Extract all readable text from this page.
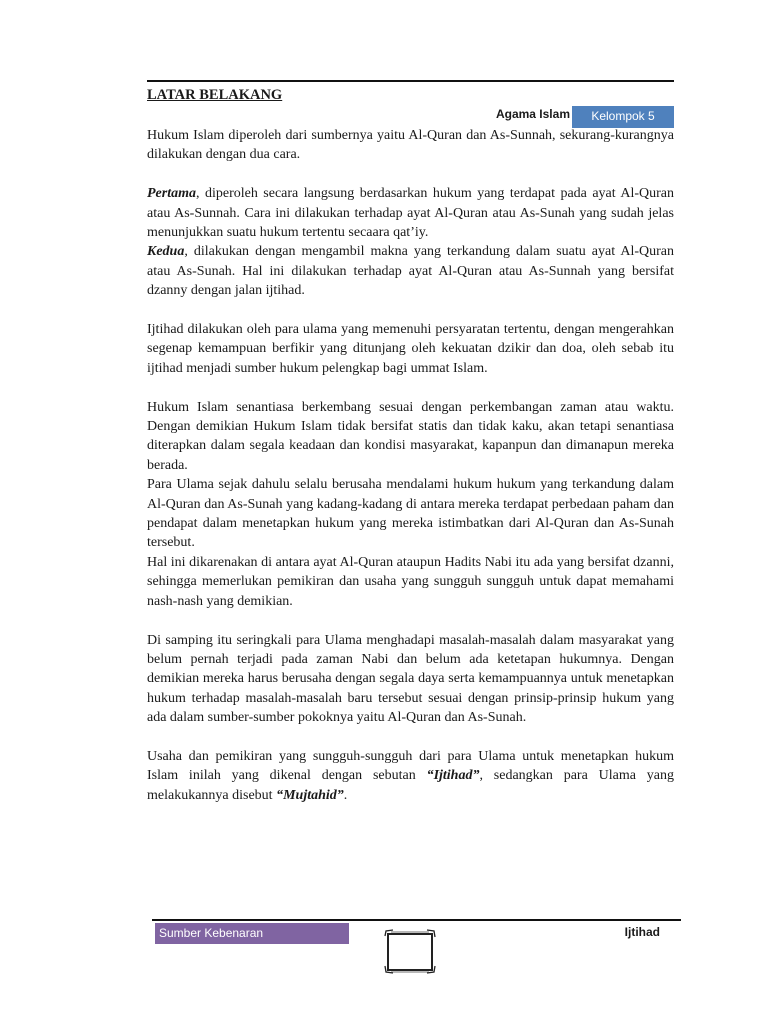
LATAR BELAKANG
Agama Islam	Kelompok 5

Hukum Islam diperoleh dari sumbernya yaitu Al-Quran dan As-Sunnah, sekurang-kurangnya dilakukan dengan dua cara.

Pertama, diperoleh secara langsung berdasarkan hukum yang terdapat pada ayat Al-Quran atau As-Sunnah. Cara ini dilakukan terhadap ayat Al-Quran atau As-Sunah yang sudah jelas menunjukkan suatu hukum tertentu secaara qat’iy.

Kedua, dilakukan dengan mengambil makna yang terkandung dalam suatu ayat Al-Quran atau As-Sunah. Hal ini dilakukan terhadap ayat Al-Quran atau As-Sunnah yang bersifat dzanny dengan jalan ijtihad.

Ijtihad dilakukan oleh para ulama yang memenuhi persyaratan tertentu, dengan mengerahkan segenap kemampuan berfikir yang ditunjang oleh kekuatan dzikir dan doa, oleh sebab itu ijtihad menjadi sumber hukum pelengkap bagi ummat Islam.

Hukum Islam senantiasa berkembang sesuai dengan perkembangan zaman atau waktu. Dengan demikian Hukum Islam tidak bersifat statis dan tidak kaku, akan tetapi senantiasa diterapkan dalam segala keadaan dan kondisi masyarakat, kapanpun dan dimanapun mereka berada.

Para Ulama sejak dahulu selalu berusaha mendalami hukum hukum yang terkandung dalam Al-Quran dan As-Sunah yang kadang-kadang di antara mereka terdapat perbedaan paham dan pendapat dalam menetapkan hukum yang mereka istimbatkan dari Al-Quran dan As-Sunah tersebut.

Hal ini dikarenakan di antara ayat Al-Quran ataupun Hadits Nabi itu ada yang bersifat dzanni, sehingga memerlukan pemikiran dan usaha yang sungguh sungguh untuk dapat memahami nash-nash yang demikian.

Di samping itu seringkali para Ulama menghadapi masalah-masalah dalam masyarakat yang belum pernah terjadi pada zaman Nabi dan belum ada ketetapan hukumnya. Dengan demikian mereka harus berusaha dengan segala daya serta kemampuannya untuk menetapkan hukum terhadap masalah-masalah baru tersebut sesuai dengan prinsip-prinsip hukum yang ada dalam sumber-sumber pokoknya yaitu Al-Quran dan As-Sunah.

Usaha dan pemikiran yang sungguh-sungguh dari para Ulama untuk menetapkan hukum Islam inilah yang dikenal dengan sebutan “Ijtihad”, sedangkan para Ulama yang melakukannya disebut “Mujtahid”.

Sumber Kebenaran	Ijtihad
